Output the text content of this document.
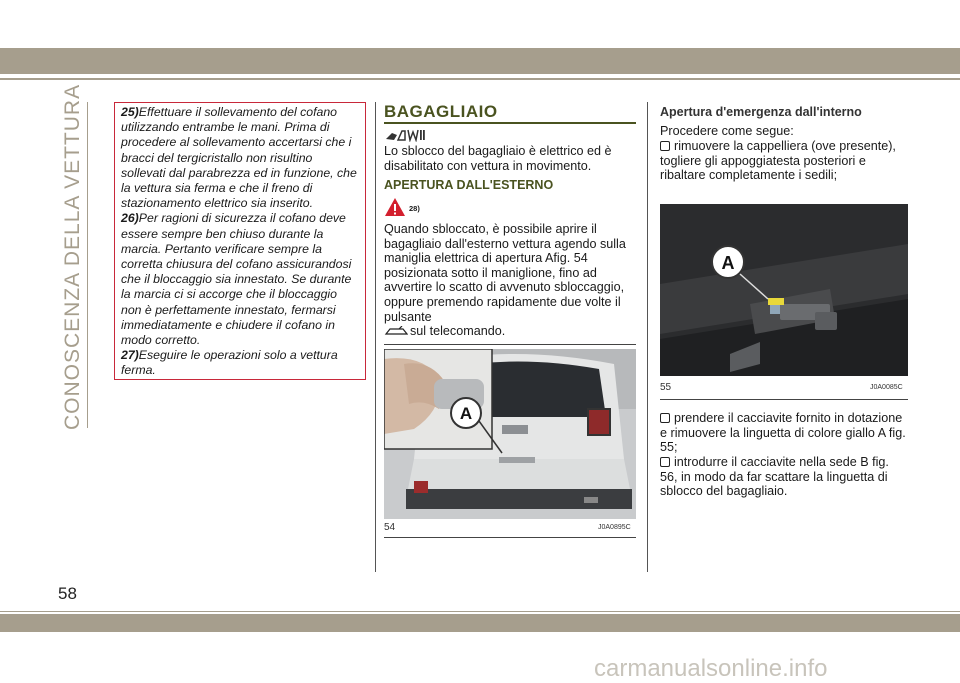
CONOSCENZA DELLA VETTURA
58

25)Effettuare il sollevamento del cofano utilizzando entrambe le mani. Prima di procedere al sollevamento accertarsi che i bracci del tergicristallo non risultino sollevati dal parabrezza ed in funzione, che la vettura sia ferma e che il freno di stazionamento elettrico sia inserito.

26)Per ragioni di sicurezza il cofano deve essere sempre ben chiuso durante la marcia. Pertanto verificare sempre la corretta chiusura del cofano assicurandosi che il bloccaggio sia innestato. Se durante la marcia ci si accorge che il bloccaggio non è perfettamente innestato, fermarsi immediatamente e chiudere il cofano in modo corretto.

27)Eseguire le operazioni solo a vettura ferma.

BAGAGLIAIO

Lo sblocco del bagagliaio è elettrico ed è disabilitato con vettura in movimento.

APERTURA DALL'ESTERNO
28)

Quando sbloccato, è possibile aprire il bagagliaio dall'esterno vettura agendo sulla maniglia elettrica di apertura Afig. 54 posizionata sotto il maniglione, fino ad avvertire lo scatto di avvenuto sbloccaggio, oppure premendo rapidamente due volte il pulsante
sul telecomando.

A
54	J0A0895C
Apertura d'emergenza dall'interno

Procedere come segue:

rimuovere la cappelliera (ove presente), togliere gli appoggiatesta posteriori e ribaltare completamente i sedili;

A
55	J0A0085C

prendere il cacciavite fornito in dotazione e rimuovere la linguetta di colore giallo A fig. 55;

introdurre il cacciavite nella sede B fig. 56, in modo da far scattare la linguetta di sblocco del bagagliaio.

carmanualsonline.info
